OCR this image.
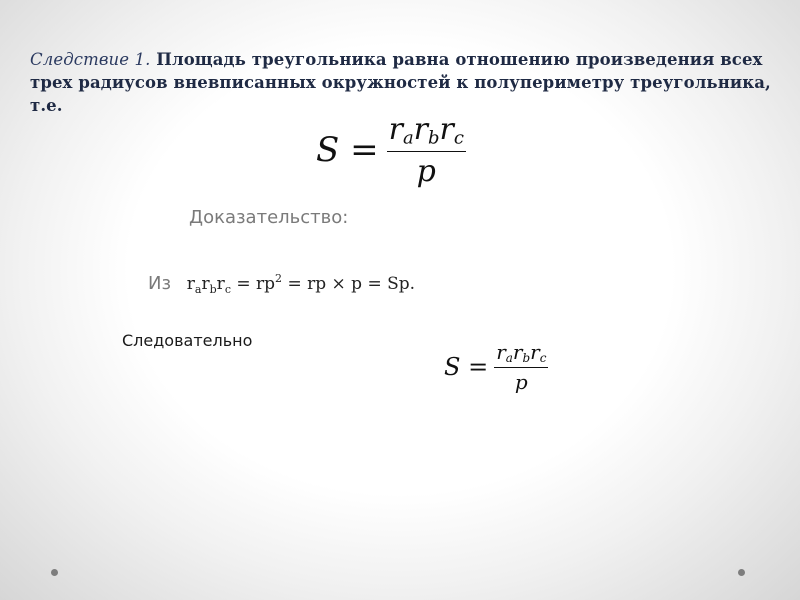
Следствие 1. Площадь треугольника равна отношению произведения всех трех радиусов вневписанных окружностей к полупериметру треугольника, т.е.
$S = \frac{r_ar_br_c}{p}$
Доказательство:
Из $r_ar_br_c = rp^2$ = rp × p = Sp.
Следовательно
$S = \frac{r_ar_br_c}{p}$
